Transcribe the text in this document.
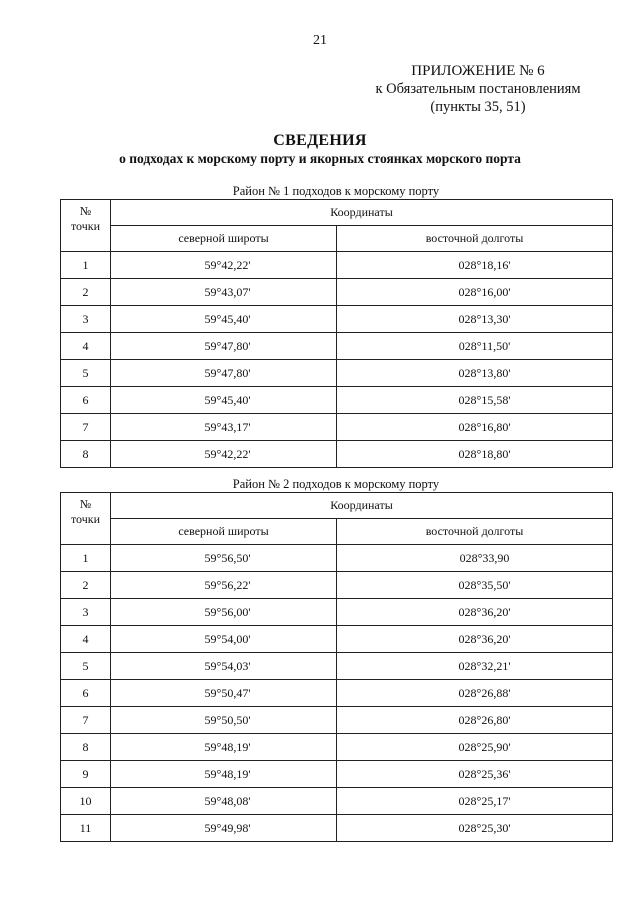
21
ПРИЛОЖЕНИЕ № 6
к Обязательным постановлениям
(пункты 35, 51)
СВЕДЕНИЯ
о подходах к морскому порту и якорных стоянках морского порта
Район № 1 подходов к морскому порту
№
точки	Координаты	
	северной широты	восточной долготы
1	59°42,22'	028°18,16'
2	59°43,07'	028°16,00'
3	59°45,40'	028°13,30'
4	59°47,80'	028°11,50'
5	59°47,80'	028°13,80'
6	59°45,40'	028°15,58'
7	59°43,17'	028°16,80'
8	59°42,22'	028°18,80'
Район № 2 подходов к морскому порту
№
точки	Координаты	
	северной широты	восточной долготы
1	59°56,50'	028°33,90
2	59°56,22'	028°35,50'
3	59°56,00'	028°36,20'
4	59°54,00'	028°36,20'
5	59°54,03'	028°32,21'
6	59°50,47'	028°26,88'
7	59°50,50'	028°26,80'
8	59°48,19'	028°25,90'
9	59°48,19'	028°25,36'
10	59°48,08'	028°25,17'
11	59°49,98'	028°25,30'
